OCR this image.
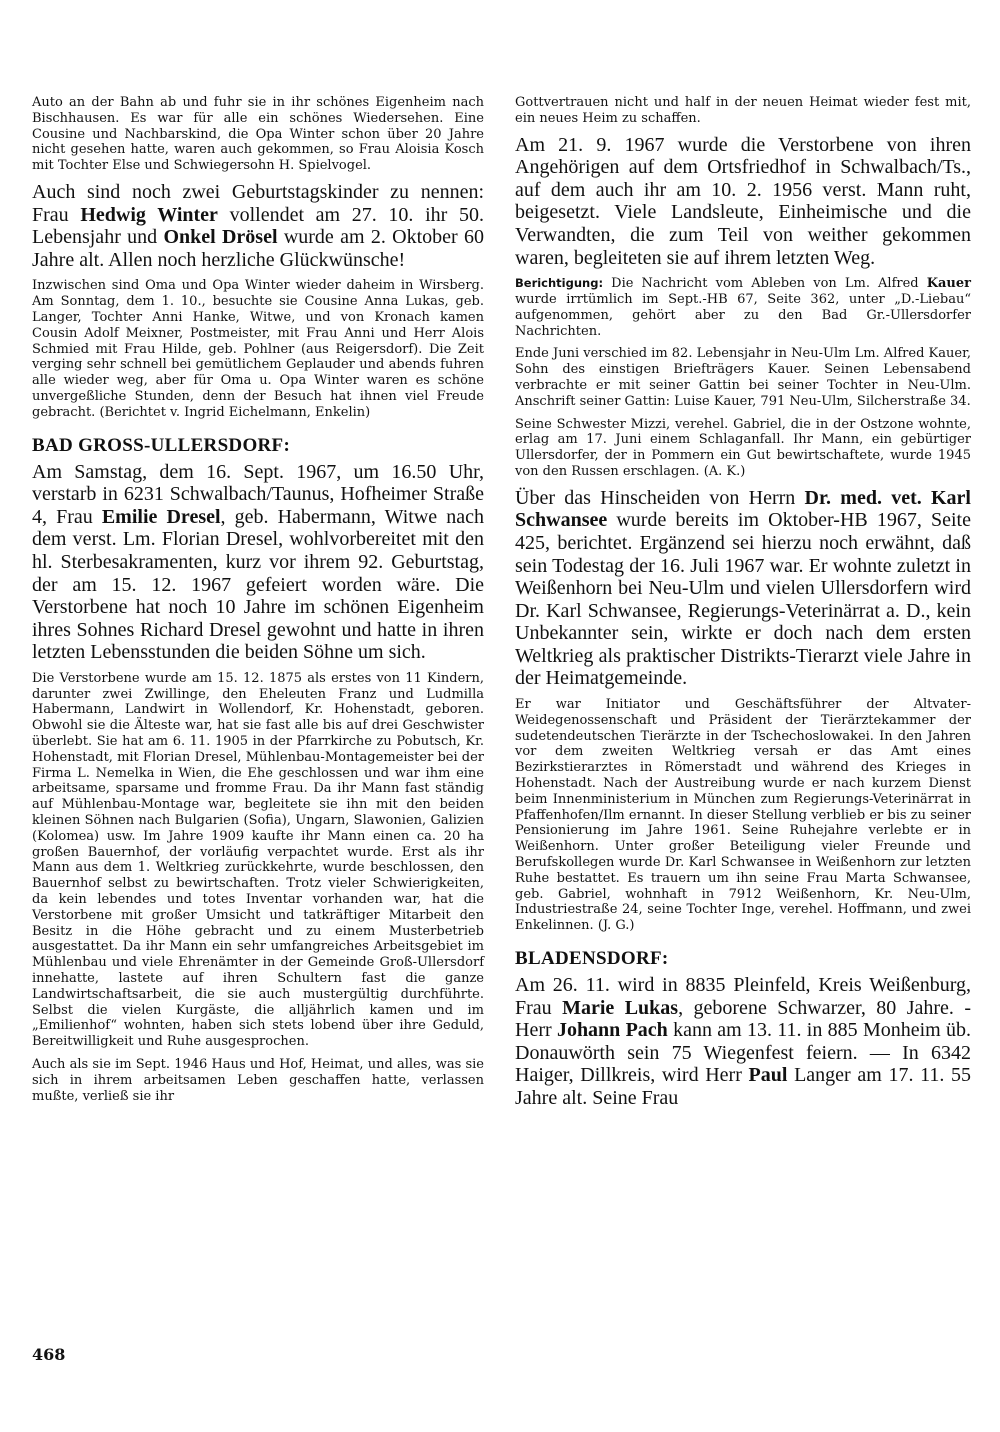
Auto an der Bahn ab und fuhr sie in ihr schönes Eigenheim nach Bischhausen. Es war für alle ein schönes Wiedersehen. Eine Cousine und Nachbarskind, die Opa Winter schon über 20 Jahre nicht gesehen hatte, waren auch gekommen, so Frau Aloisia Kosch mit Tochter Else und Schwiegersohn H. Spielvogel.

Auch sind noch zwei Geburtstagskinder zu nennen: Frau Hedwig Winter vollendet am 27. 10. ihr 50. Lebensjahr und Onkel Drösel wurde am 2. Oktober 60 Jahre alt. Allen noch herzliche Glückwünsche!

Inzwischen sind Oma und Opa Winter wieder daheim in Wirsberg. Am Sonntag, dem 1. 10., besuchte sie Cousine Anna Lukas, geb. Langer, Tochter Anni Hanke, Witwe, und von Kronach kamen Cousin Adolf Meixner, Postmeister, mit Frau Anni und Herr Alois Schmied mit Frau Hilde, geb. Pohlner (aus Reigersdorf). Die Zeit verging sehr schnell bei gemütlichem Geplauder und abends fuhren alle wieder weg, aber für Oma u. Opa Winter waren es schöne unvergeßliche Stunden, denn der Besuch hat ihnen viel Freude gebracht. (Berichtet v. Ingrid Eichelmann, Enkelin)

BAD GROSS-ULLERSDORF:

Am Samstag, dem 16. Sept. 1967, um 16.50 Uhr, verstarb in 6231 Schwalbach/Taunus, Hofheimer Straße 4, Frau Emilie Dresel, geb. Habermann, Witwe nach dem verst. Lm. Florian Dresel, wohlvorbereitet mit den hl. Sterbesakramenten, kurz vor ihrem 92. Geburtstag, der am 15. 12. 1967 gefeiert worden wäre. Die Verstorbene hat noch 10 Jahre im schönen Eigenheim ihres Sohnes Richard Dresel gewohnt und hatte in ihren letzten Lebensstunden die beiden Söhne um sich.

Die Verstorbene wurde am 15. 12. 1875 als erstes von 11 Kindern, darunter zwei Zwillinge, den Eheleuten Franz und Ludmilla Habermann, Landwirt in Wollendorf, Kr. Hohenstadt, geboren. Obwohl sie die Älteste war, hat sie fast alle bis auf drei Geschwister überlebt. Sie hat am 6. 11. 1905 in der Pfarrkirche zu Pobutsch, Kr. Hohenstadt, mit Florian Dresel, Mühlenbau-Montagemeister bei der Firma L. Nemelka in Wien, die Ehe geschlossen und war ihm eine arbeitsame, sparsame und fromme Frau. Da ihr Mann fast ständig auf Mühlenbau-Montage war, begleitete sie ihn mit den beiden kleinen Söhnen nach Bulgarien (Sofia), Ungarn, Slawonien, Galizien (Kolomea) usw. Im Jahre 1909 kaufte ihr Mann einen ca. 20 ha großen Bauernhof, der vorläufig verpachtet wurde. Erst als ihr Mann aus dem 1. Weltkrieg zurückkehrte, wurde beschlossen, den Bauernhof selbst zu bewirtschaften. Trotz vieler Schwierigkeiten, da kein lebendes und totes Inventar vorhanden war, hat die Verstorbene mit großer Umsicht und tatkräftiger Mitarbeit den Besitz in die Höhe gebracht und zu einem Musterbetrieb ausgestattet. Da ihr Mann ein sehr umfangreiches Arbeitsgebiet im Mühlenbau und viele Ehrenämter in der Gemeinde Groß-Ullersdorf innehatte, lastete auf ihren Schultern fast die ganze Landwirtschaftsarbeit, die sie auch mustergültig durchführte. Selbst die vielen Kurgäste, die alljährlich kamen und im „Emilienhof“ wohnten, haben sich stets lobend über ihre Geduld, Bereitwilligkeit und Ruhe ausgesprochen.

Auch als sie im Sept. 1946 Haus und Hof, Heimat, und alles, was sie sich in ihrem arbeitsamen Leben geschaffen hatte, verlassen mußte, verließ sie ihr

Gottvertrauen nicht und half in der neuen Heimat wieder fest mit, ein neues Heim zu schaffen.

Am 21. 9. 1967 wurde die Verstorbene von ihren Angehörigen auf dem Ortsfriedhof in Schwalbach/Ts., auf dem auch ihr am 10. 2. 1956 verst. Mann ruht, beigesetzt. Viele Landsleute, Einheimische und die Verwandten, die zum Teil von weither gekommen waren, begleiteten sie auf ihrem letzten Weg.

Berichtigung: Die Nachricht vom Ableben von Lm. Alfred Kauer wurde irrtümlich im Sept.-HB 67, Seite 362, unter „D.-Liebau“ aufgenommen, gehört aber zu den Bad Gr.-Ullersdorfer Nachrichten.

Ende Juni verschied im 82. Lebensjahr in Neu-Ulm Lm. Alfred Kauer, Sohn des einstigen Briefträgers Kauer. Seinen Lebensabend verbrachte er mit seiner Gattin bei seiner Tochter in Neu-Ulm. Anschrift seiner Gattin: Luise Kauer, 791 Neu-Ulm, Silcherstraße 34.

Seine Schwester Mizzi, verehel. Gabriel, die in der Ostzone wohnte, erlag am 17. Juni einem Schlaganfall. Ihr Mann, ein gebürtiger Ullersdorfer, der in Pommern ein Gut bewirtschaftete, wurde 1945 von den Russen erschlagen. (A. K.)

Über das Hinscheiden von Herrn Dr. med. vet. Karl Schwansee wurde bereits im Oktober-HB 1967, Seite 425, berichtet. Ergänzend sei hierzu noch erwähnt, daß sein Todestag der 16. Juli 1967 war. Er wohnte zuletzt in Weißenhorn bei Neu-Ulm und vielen Ullersdorfern wird Dr. Karl Schwansee, Regierungs-Veterinärrat a. D., kein Unbekannter sein, wirkte er doch nach dem ersten Weltkrieg als praktischer Distrikts-Tierarzt viele Jahre in der Heimatgemeinde.

Er war Initiator und Geschäftsführer der Altvater-Weidegenossenschaft und Präsident der Tierärztekammer der sudetendeutschen Tierärzte in der Tschechoslowakei. In den Jahren vor dem zweiten Weltkrieg versah er das Amt eines Bezirkstierarztes in Römerstadt und während des Krieges in Hohenstadt. Nach der Austreibung wurde er nach kurzem Dienst beim Innenministerium in München zum Regierungs-Veterinärrat in Pfaffenhofen/Ilm ernannt. In dieser Stellung verblieb er bis zu seiner Pensionierung im Jahre 1961. Seine Ruhejahre verlebte er in Weißenhorn. Unter großer Beteiligung vieler Freunde und Berufskollegen wurde Dr. Karl Schwansee in Weißenhorn zur letzten Ruhe bestattet. Es trauern um ihn seine Frau Marta Schwansee, geb. Gabriel, wohnhaft in 7912 Weißenhorn, Kr. Neu-Ulm, Industriestraße 24, seine Tochter Inge, verehel. Hoffmann, und zwei Enkelinnen. (J. G.)

BLADENSDORF:

Am 26. 11. wird in 8835 Pleinfeld, Kreis Weißenburg, Frau Marie Lukas, geborene Schwarzer, 80 Jahre. - Herr Johann Pach kann am 13. 11. in 885 Monheim üb. Donauwörth sein 75 Wiegenfest feiern. — In 6342 Haiger, Dillkreis, wird Herr Paul Langer am 17. 11. 55 Jahre alt. Seine Frau

468
